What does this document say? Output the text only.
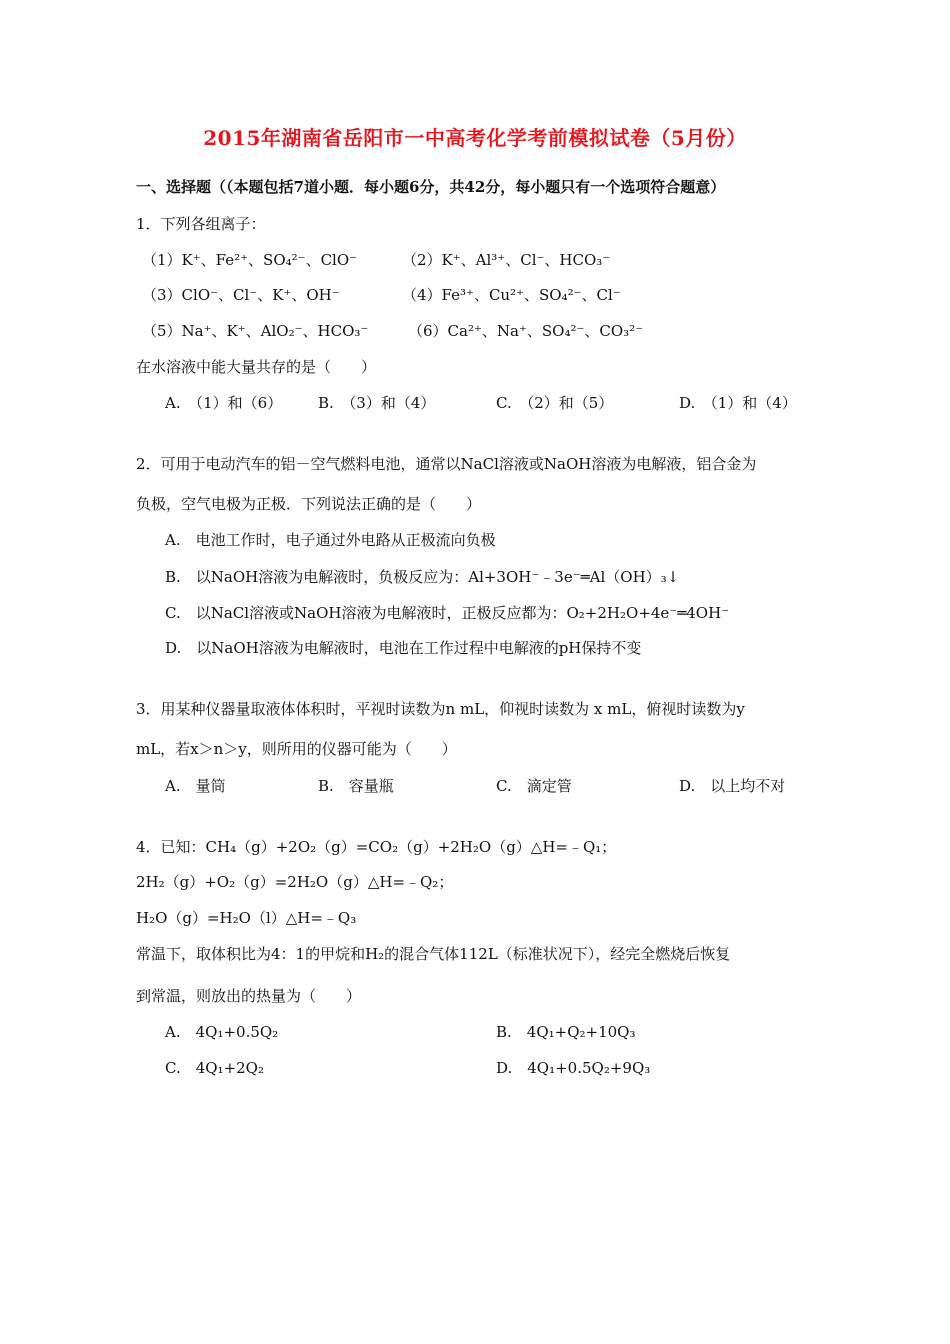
2015年湖南省岳阳市一中高考化学考前模拟试卷（5月份）
一、选择题（（本题包括7道小题．每小题6分，共42分，每小题只有一个选项符合题意）
1．下列各组离子：
（1）K⁺、Fe²⁺、SO₄²⁻、ClO⁻	（2）K⁺、Al³⁺、Cl⁻、HCO₃⁻
（3）ClO⁻、Cl⁻、K⁺、OH⁻	（4）Fe³⁺、Cu²⁺、SO₄²⁻、Cl⁻
（5）Na⁺、K⁺、AlO₂⁻、HCO₃⁻	（6）Ca²⁺、Na⁺、SO₄²⁻、CO₃²⁻
在水溶液中能大量共存的是（　　）
A.　（1）和（6） B.　（3）和（4）	C.　（2）和（5）	D.　（1）和（4）
2．可用于电动汽车的铝－空气燃料电池，通常以NaCl溶液或NaOH溶液为电解液，铝合金为
负极，空气电极为正极．下列说法正确的是（　　）
A.　电池工作时，电子通过外电路从正极流向负极
B.　以NaOH溶液为电解液时，负极反应为：Al+3OH⁻﹣3e⁻═Al（OH）₃↓
C.　以NaCl溶液或NaOH溶液为电解液时，正极反应都为：O₂+2H₂O+4e⁻═4OH⁻
D.　以NaOH溶液为电解液时，电池在工作过程中电解液的pH保持不变
3．用某种仪器量取液体体积时，平视时读数为n mL，仰视时读数为 x mL，俯视时读数为y
mL，若x＞n＞y，则所用的仪器可能为（　　）
A.　量筒	B.　容量瓶	C.　滴定管	D.　以上均不对
4．已知：CH₄（g）+2O₂（g）=CO₂（g）+2H₂O（g）△H=﹣Q₁；
2H₂（g）+O₂（g）=2H₂O（g）△H=﹣Q₂；
H₂O（g）=H₂O（l）△H=﹣Q₃
常温下，取体积比为4：1的甲烷和H₂的混合气体112L（标准状况下），经完全燃烧后恢复
到常温，则放出的热量为（　　）
A.　4Q₁+0.5Q₂	B.　4Q₁+Q₂+10Q₃
C.　4Q₁+2Q₂	D.　4Q₁+0.5Q₂+9Q₃
